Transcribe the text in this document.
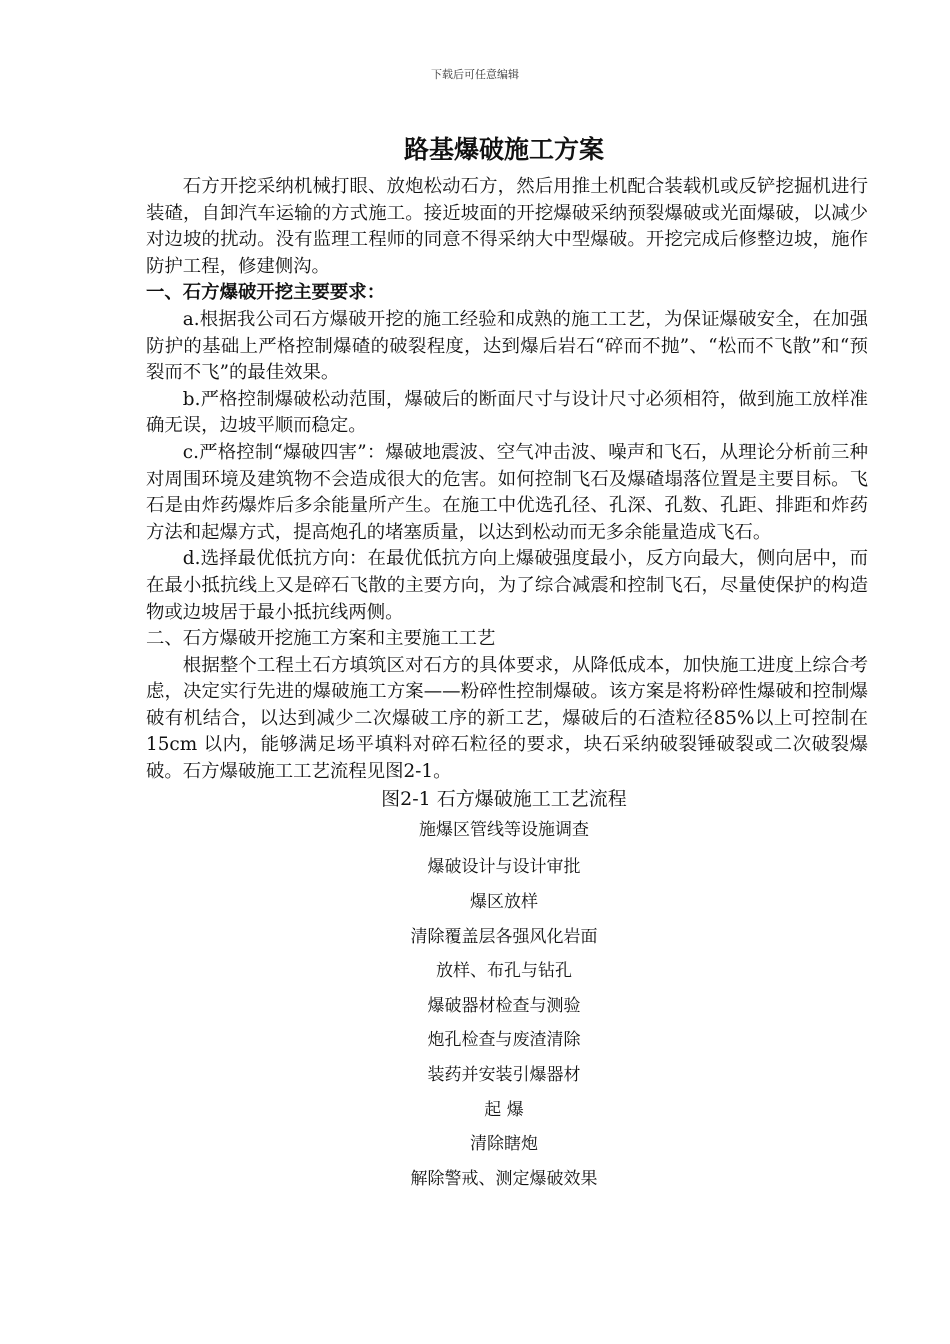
下载后可任意编辑
路基爆破施工方案

石方开挖采纳机械打眼、放炮松动石方，然后用推土机配合装载机或反铲挖掘机进行装碴，自卸汽车运输的方式施工。接近坡面的开挖爆破采纳预裂爆破或光面爆破，以减少对边坡的扰动。没有监理工程师的同意不得采纳大中型爆破。开挖完成后修整边坡，施作防护工程，修建侧沟。

一、石方爆破开挖主要要求：

a.根据我公司石方爆破开挖的施工经验和成熟的施工工艺，为保证爆破安全，在加强防护的基础上严格控制爆碴的破裂程度，达到爆后岩石“碎而不抛”、“松而不飞散”和“预裂而不飞”的最佳效果。

b.严格控制爆破松动范围，爆破后的断面尺寸与设计尺寸必须相符，做到施工放样准确无误，边坡平顺而稳定。

c.严格控制“爆破四害”：爆破地震波、空气冲击波、噪声和飞石，从理论分析前三种对周围环境及建筑物不会造成很大的危害。如何控制飞石及爆碴塌落位置是主要目标。飞石是由炸药爆炸后多余能量所产生。在施工中优选孔径、孔深、孔数、孔距、排距和炸药方法和起爆方式，提高炮孔的堵塞质量，以达到松动而无多余能量造成飞石。

d.选择最优低抗方向：在最优低抗方向上爆破强度最小，反方向最大，侧向居中，而在最小抵抗线上又是碎石飞散的主要方向，为了综合减震和控制飞石，尽量使保护的构造物或边坡居于最小抵抗线两侧。

二、石方爆破开挖施工方案和主要施工工艺

根据整个工程土石方填筑区对石方的具体要求，从降低成本，加快施工进度上综合考虑，决定实行先进的爆破施工方案——粉碎性控制爆破。该方案是将粉碎性爆破和控制爆破有机结合，以达到减少二次爆破工序的新工艺，爆破后的石渣粒径85%以上可控制在15cm 以内，能够满足场平填料对碎石粒径的要求，块石采纳破裂锤破裂或二次破裂爆破。石方爆破施工工艺流程见图2-1。

图2-1 石方爆破施工工艺流程

施爆区管线等设施调查
爆破设计与设计审批
爆区放样
清除覆盖层各强风化岩面
放样、布孔与钻孔
爆破器材检查与测验
炮孔检查与废渣清除
装药并安装引爆器材
起 爆
清除瞎炮
解除警戒、测定爆破效果
